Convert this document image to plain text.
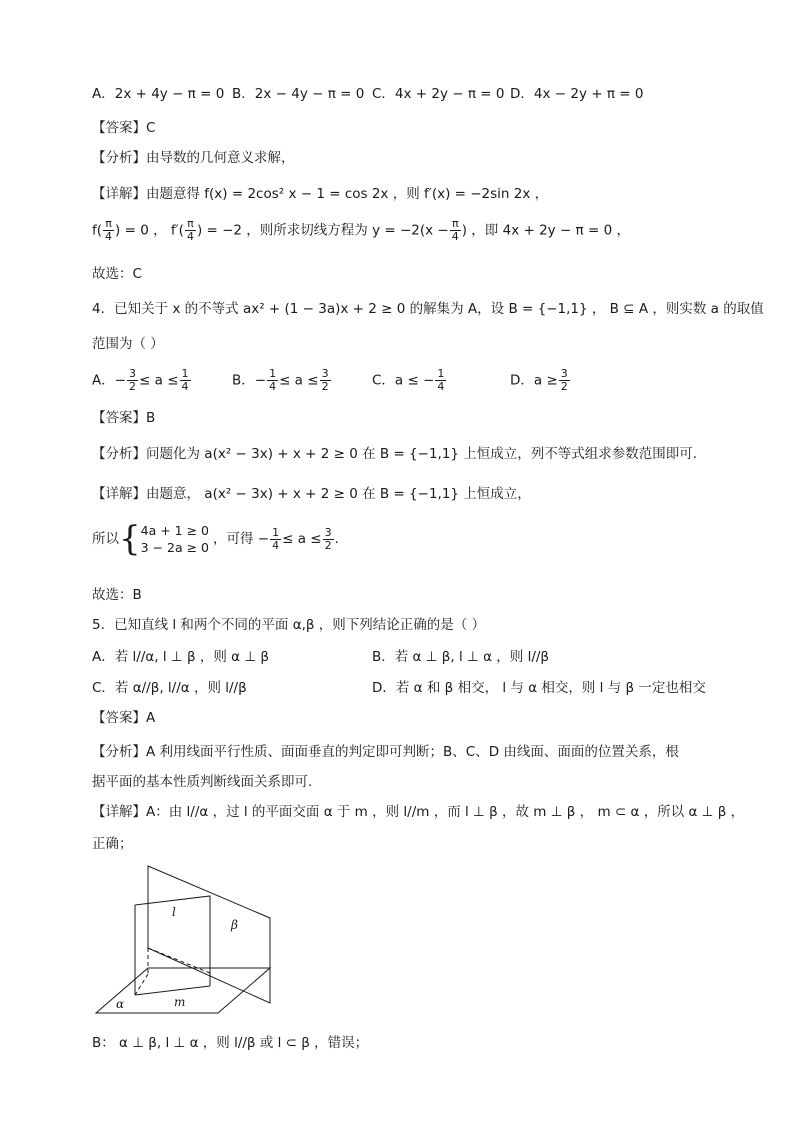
A．2x + 4y − π = 0 B．2x − 4y − π = 0 C．4x + 2y − π = 0 D．4x − 2y + π = 0
【答案】C
【分析】由导数的几何意义求解，
【详解】由题意得 f(x) = 2cos² x − 1 = cos 2x ，则 f′(x) = −2sin 2x ，
$f( \frac{\pi}{4}$ ) = 0 ， $f'( \frac{\pi}{4}$ ) = −2 ，则所求切线方程为 $y = -2(x - \frac{\pi}{4}$ ) ，即 4x + 2y − π = 0 ，
故选：C
4．已知关于 x 的不等式 ax² + (1 − 3a)x + 2 ≥ 0 的解集为 A，设 B = {−1,1} ， B ⊆ A ，则实数 a 的取值
范围为（ ）
A．− $\frac{3}{2} \le a \le \frac{1}{4}$	B．− $\frac{1}{4} \le a \le \frac{3}{2}$	C．a ≤ − $\frac{1}{4}$	D．$a \ge \frac{3}{2}$
【答案】B
【分析】问题化为 a(x² − 3x) + x + 2 ≥ 0 在 B = {−1,1} 上恒成立，列不等式组求参数范围即可.
【详解】由题意， a(x² − 3x) + x + 2 ≥ 0 在 B = {−1,1} 上恒成立，
所以{ 4a + 1 ≥ 0
3 − 2a ≥ 0
，可得 − $\frac{1}{4} \le a \le \frac{3}{2}$ .
故选：B
5．已知直线 l 和两个不同的平面 α,β ，则下列结论正确的是（ ）
A．若 l//α, l ⊥ β ，则 α ⊥ β	B．若 α ⊥ β, l ⊥ α ，则 l//β
C．若 α//β, l//α ，则 l//β	D．若 α 和 β 相交， l 与 α 相交，则 l 与 β 一定也相交
【答案】A
【分析】A 利用线面平行性质、面面垂直的判定即可判断；B、C、D 由线面、面面的位置关系，根
据平面的基本性质判断线面关系即可.
【详解】A：由 l//α ，过 l 的平面交面 α 于 m ，则 l//m ，而 l ⊥ β ，故 m ⊥ β ， m ⊂ α ，所以 α ⊥ β ，
正确；
l
β
α	m
B： α ⊥ β, l ⊥ α ，则 l//β 或 l ⊂ β ，错误；
